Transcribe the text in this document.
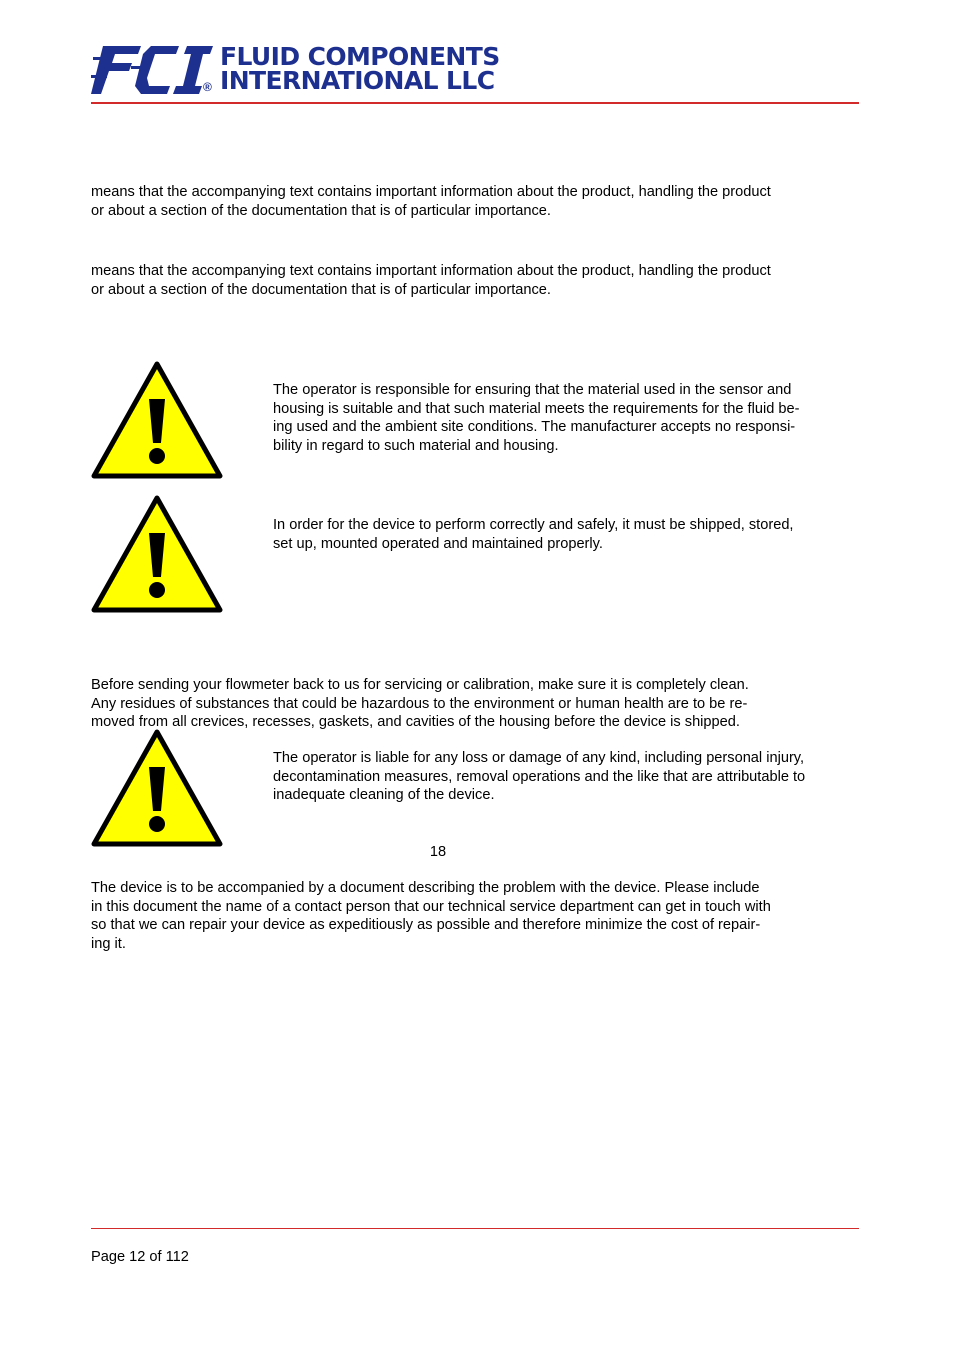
®
FLUID COMPONENTS
INTERNATIONAL LLC

means that the accompanying text contains important information about the product, handling the product
or about a section of the documentation that is of particular importance.

means that the accompanying text contains important information about the product, handling the product
or about a section of the documentation that is of particular importance.

The operator is responsible for ensuring that the material used in the sensor and
housing is suitable and that such material meets the requirements for the fluid be-
ing used and the ambient site conditions. The manufacturer accepts no responsi-
bility in regard to such material and housing.

In order for the device to perform correctly and safely, it must be shipped, stored,
set up, mounted operated and maintained properly.

Before sending your flowmeter back to us for servicing or calibration, make sure it is completely clean.
Any residues of substances that could be hazardous to the environment or human health are to be re-
moved from all crevices, recesses, gaskets, and cavities of the housing before the device is shipped.

The operator is liable for any loss or damage of any kind, including personal injury,
decontamination measures, removal operations and the like that are attributable to
inadequate cleaning of the device.

18

The device is to be accompanied by a document describing the problem with the device. Please include
in this document the name of a contact person that our technical service department can get in touch with
so that we can repair your device as expeditiously as possible and therefore minimize the cost of repair-
ing it.

Page 12 of 112
